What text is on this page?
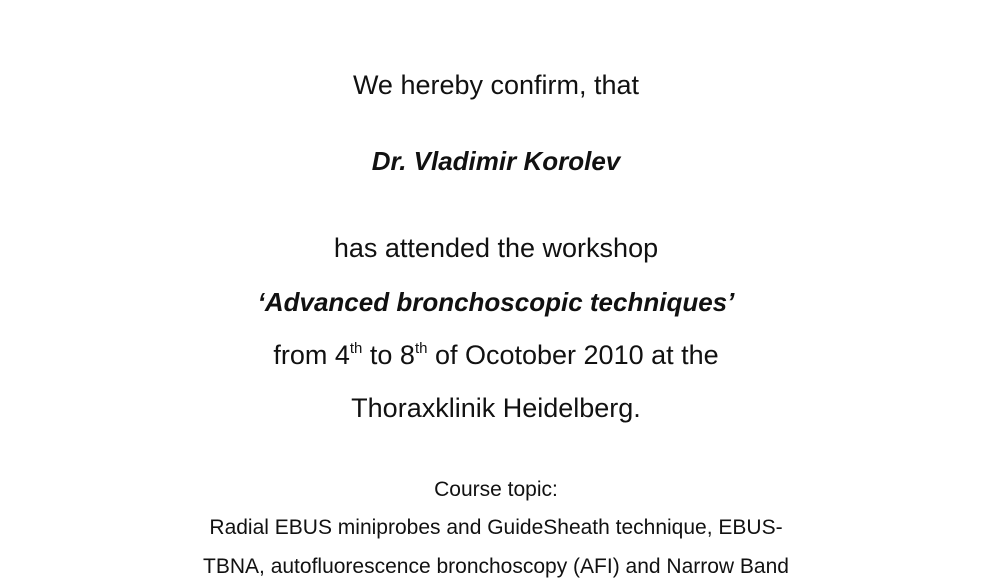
We hereby confirm, that
Dr. Vladimir Korolev
has attended the workshop
‘Advanced bronchoscopic techniques’
from 4th to 8th of Ocotober 2010 at the
Thoraxklinik Heidelberg.
Course topic:
Radial EBUS miniprobes and GuideSheath technique, EBUS-
TBNA, autofluorescence bronchoscopy (AFI) and Narrow Band
